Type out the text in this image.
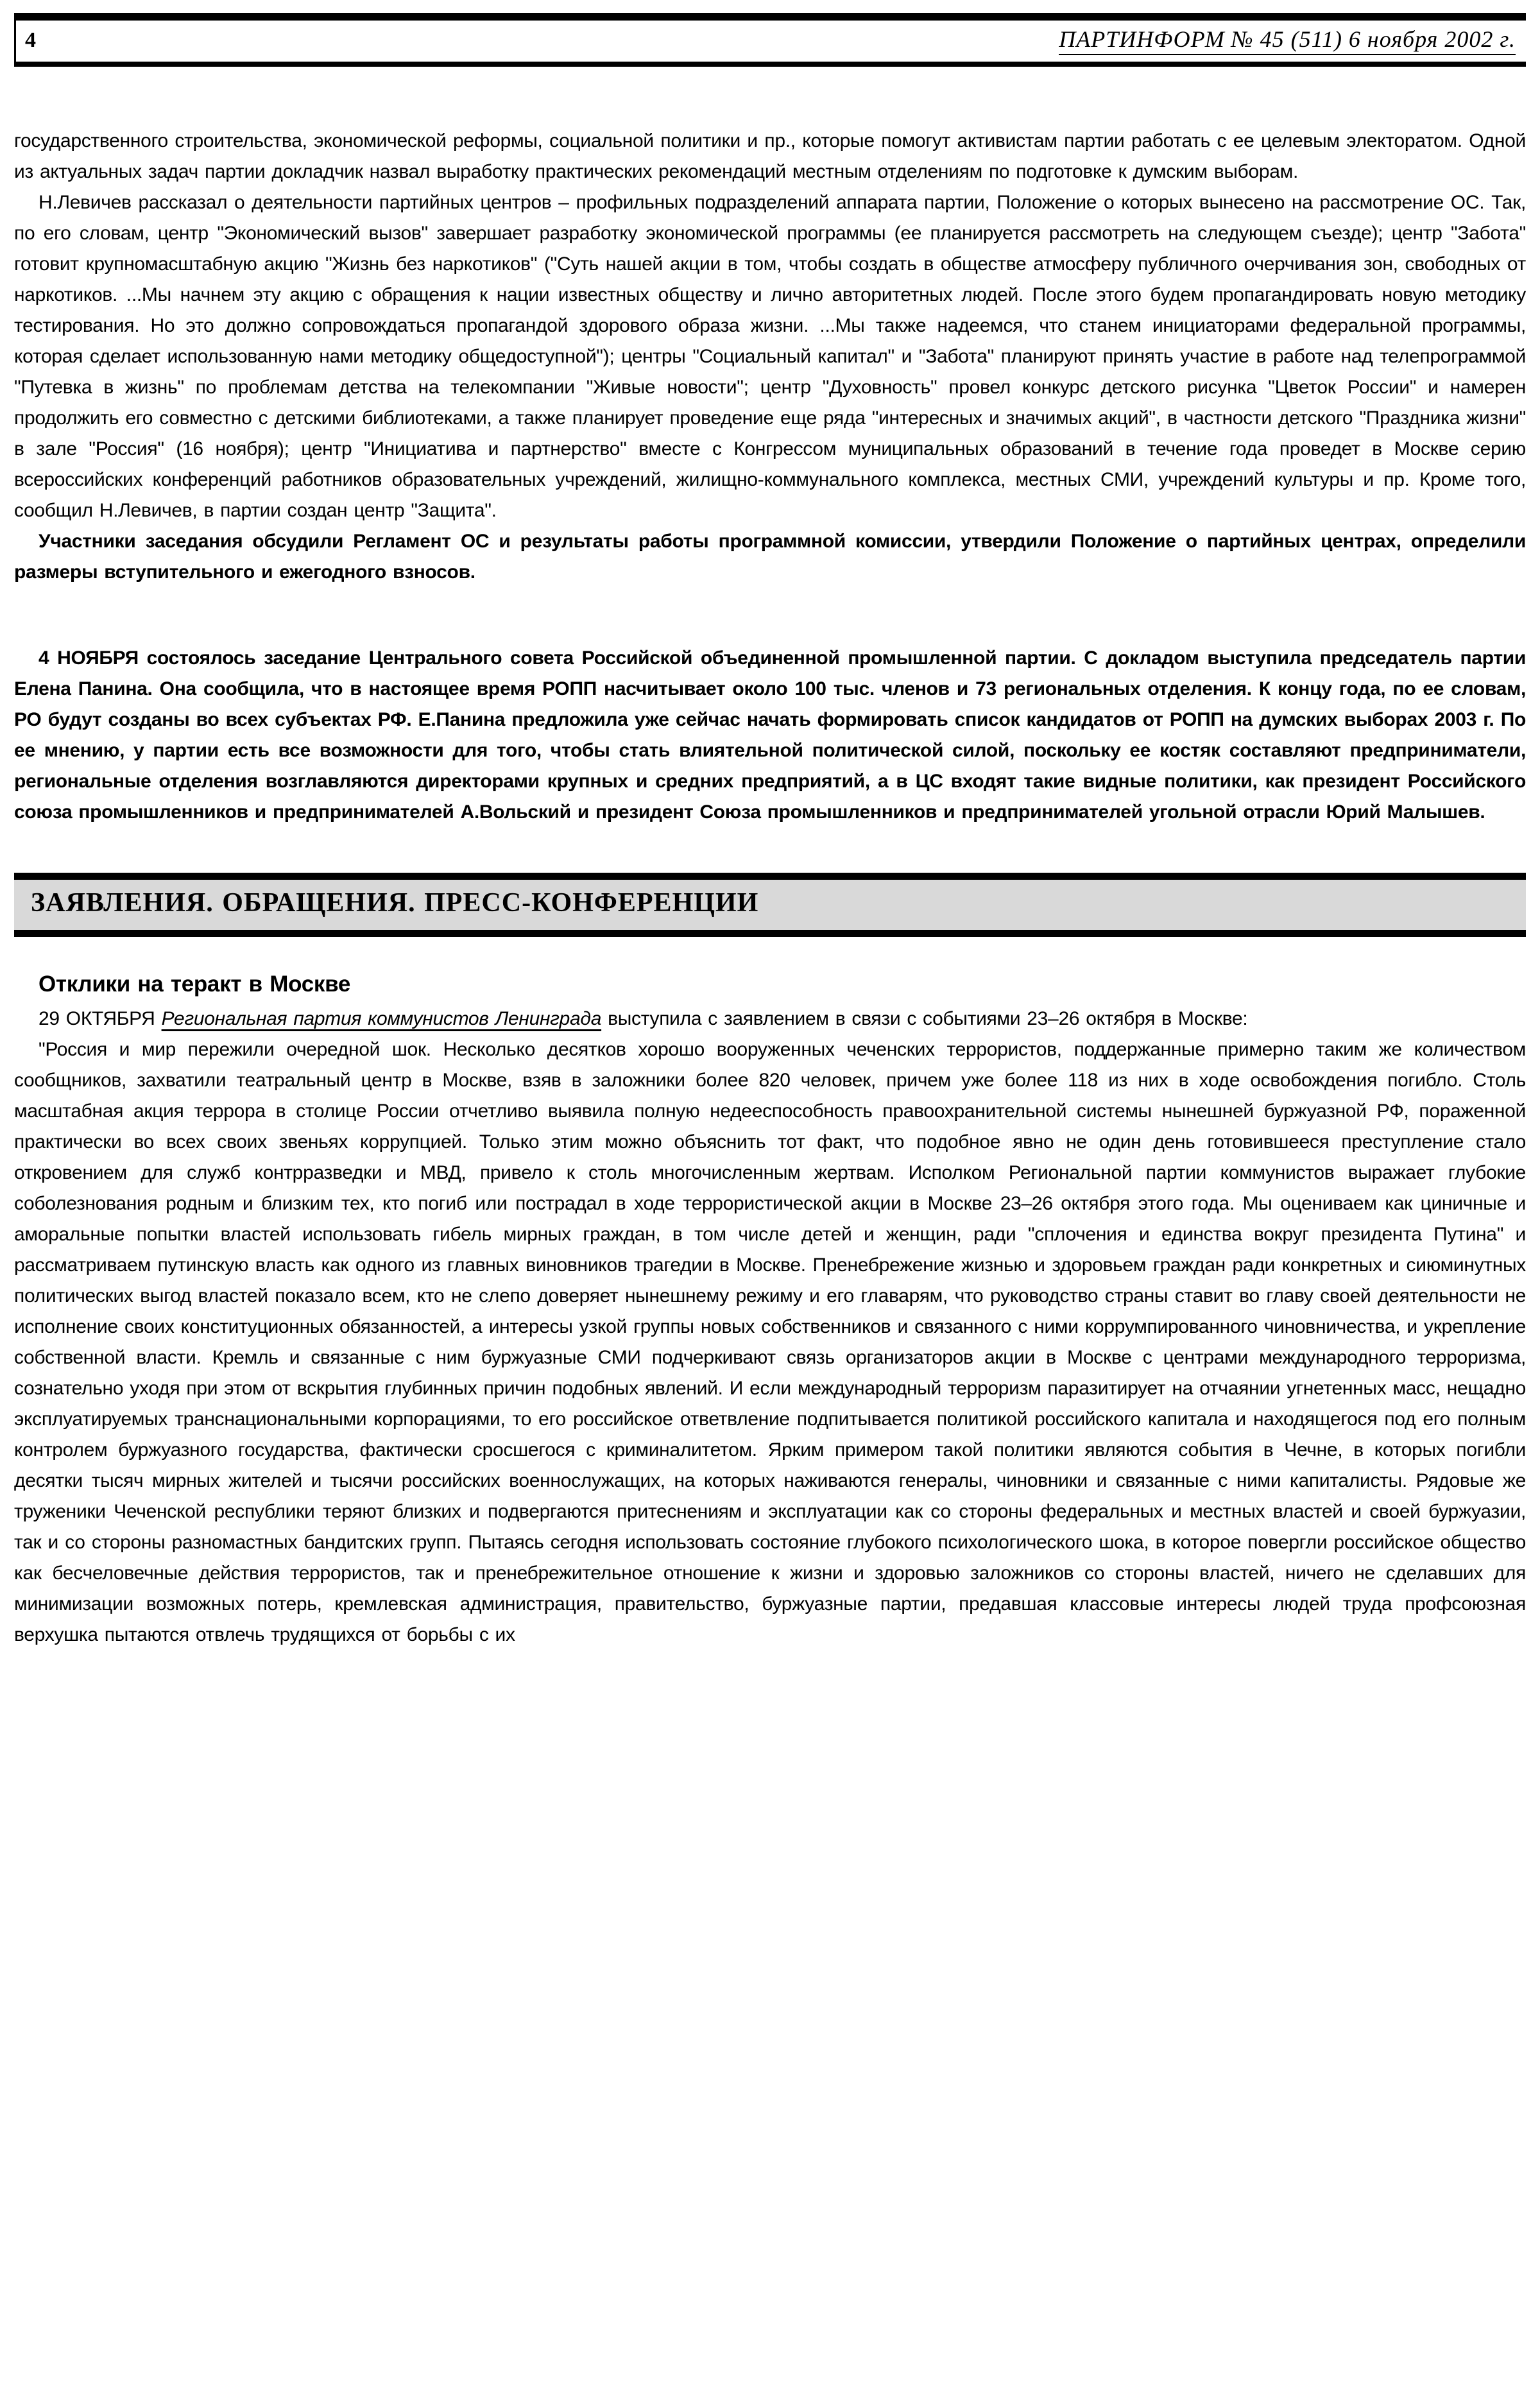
4	ПАРТИНФОРМ № 45 (511) 6 ноября 2002 г.

государственного строительства, экономической реформы, социальной политики и пр., которые помогут активистам партии работать с ее целевым электоратом. Одной из актуальных задач партии докладчик назвал выработку практических рекомендаций местным отделениям по подготовке к думским выборам.

Н.Левичев рассказал о деятельности партийных центров – профильных подразделений аппарата партии, Положение о которых вынесено на рассмотрение ОС. Так, по его словам, центр "Экономический вызов" завершает разработку экономической программы (ее планируется рассмотреть на следующем съезде); центр "Забота" готовит крупномасштабную акцию "Жизнь без наркотиков" ("Суть нашей акции в том, чтобы создать в обществе атмосферу публичного очерчивания зон, свободных от наркотиков. ...Мы начнем эту акцию с обращения к нации известных обществу и лично авторитетных людей. После этого будем пропагандировать новую методику тестирования. Но это должно сопровождаться пропагандой здорового образа жизни. ...Мы также надеемся, что станем инициаторами федеральной программы, которая сделает использованную нами методику общедоступной"); центры "Социальный капитал" и "Забота" планируют принять участие в работе над телепрограммой "Путевка в жизнь" по проблемам детства на телекомпании "Живые новости"; центр "Духовность" провел конкурс детского рисунка "Цветок России" и намерен продолжить его совместно с детскими библиотеками, а также планирует проведение еще ряда "интересных и значимых акций", в частности детского "Праздника жизни" в зале "Россия" (16 ноября); центр "Инициатива и партнерство" вместе с Конгрессом муниципальных образований в течение года проведет в Москве серию всероссийских конференций работников образовательных учреждений, жилищно-коммунального комплекса, местных СМИ, учреждений культуры и пр. Кроме того, сообщил Н.Левичев, в партии создан центр "Защита".

Участники заседания обсудили Регламент ОС и результаты работы программной комиссии, утвердили Положение о партийных центрах, определили размеры вступительного и ежегодного взносов.

4 НОЯБРЯ состоялось заседание Центрального совета Российской объединенной промышленной партии. С докладом выступила председатель партии Елена Панина. Она сообщила, что в настоящее время РОПП насчитывает около 100 тыс. членов и 73 региональных отделения. К концу года, по ее словам, РО будут созданы во всех субъектах РФ. Е.Панина предложила уже сейчас начать формировать список кандидатов от РОПП на думских выборах 2003 г. По ее мнению, у партии есть все возможности для того, чтобы стать влиятельной политической силой, поскольку ее костяк составляют предприниматели, региональные отделения возглавляются директорами крупных и средних предприятий, а в ЦС входят такие видные политики, как президент Российского союза промышленников и предпринимателей А.Вольский и президент Союза промышленников и предпринимателей угольной отрасли Юрий Малышев.

ЗАЯВЛЕНИЯ. ОБРАЩЕНИЯ. ПРЕСС-КОНФЕРЕНЦИИ
Отклики на теракт в Москве

29 ОКТЯБРЯ Региональная партия коммунистов Ленинграда выступила с заявлением в связи с событиями 23–26 октября в Москве:

"Россия и мир пережили очередной шок. Несколько десятков хорошо вооруженных чеченских террористов, поддержанные примерно таким же количеством сообщников, захватили театральный центр в Москве, взяв в заложники более 820 человек, причем уже более 118 из них в ходе освобождения погибло. Столь масштабная акция террора в столице России отчетливо выявила полную недееспособность правоохранительной системы нынешней буржуазной РФ, пораженной практически во всех своих звеньях коррупцией. Только этим можно объяснить тот факт, что подобное явно не один день готовившееся преступление стало откровением для служб контрразведки и МВД, привело к столь многочисленным жертвам. Исполком Региональной партии коммунистов выражает глубокие соболезнования родным и близким тех, кто погиб или пострадал в ходе террористической акции в Москве 23–26 октября этого года. Мы оцениваем как циничные и аморальные попытки властей использовать гибель мирных граждан, в том числе детей и женщин, ради "сплочения и единства вокруг президента Путина" и рассматриваем путинскую власть как одного из главных виновников трагедии в Москве. Пренебрежение жизнью и здоровьем граждан ради конкретных и сиюминутных политических выгод властей показало всем, кто не слепо доверяет нынешнему режиму и его главарям, что руководство страны ставит во главу своей деятельности не исполнение своих конституционных обязанностей, а интересы узкой группы новых собственников и связанного с ними коррумпированного чиновничества, и укрепление собственной власти. Кремль и связанные с ним буржуазные СМИ подчеркивают связь организаторов акции в Москве с центрами международного терроризма, сознательно уходя при этом от вскрытия глубинных причин подобных явлений. И если международный терроризм паразитирует на отчаянии угнетенных масс, нещадно эксплуатируемых транснациональными корпорациями, то его российское ответвление подпитывается политикой российского капитала и находящегося под его полным контролем буржуазного государства, фактически сросшегося с криминалитетом. Ярким примером такой политики являются события в Чечне, в которых погибли десятки тысяч мирных жителей и тысячи российских военнослужащих, на которых наживаются генералы, чиновники и связанные с ними капиталисты. Рядовые же труженики Чеченской республики теряют близких и подвергаются притеснениям и эксплуатации как со стороны федеральных и местных властей и своей буржуазии, так и со стороны разномастных бандитских групп. Пытаясь сегодня использовать состояние глубокого психологического шока, в которое повергли российское общество как бесчеловечные действия террористов, так и пренебрежительное отношение к жизни и здоровью заложников со стороны властей, ничего не сделавших для минимизации возможных потерь, кремлевская администрация, правительство, буржуазные партии, предавшая классовые интересы людей труда профсоюзная верхушка пытаются отвлечь трудящихся от борьбы с их
